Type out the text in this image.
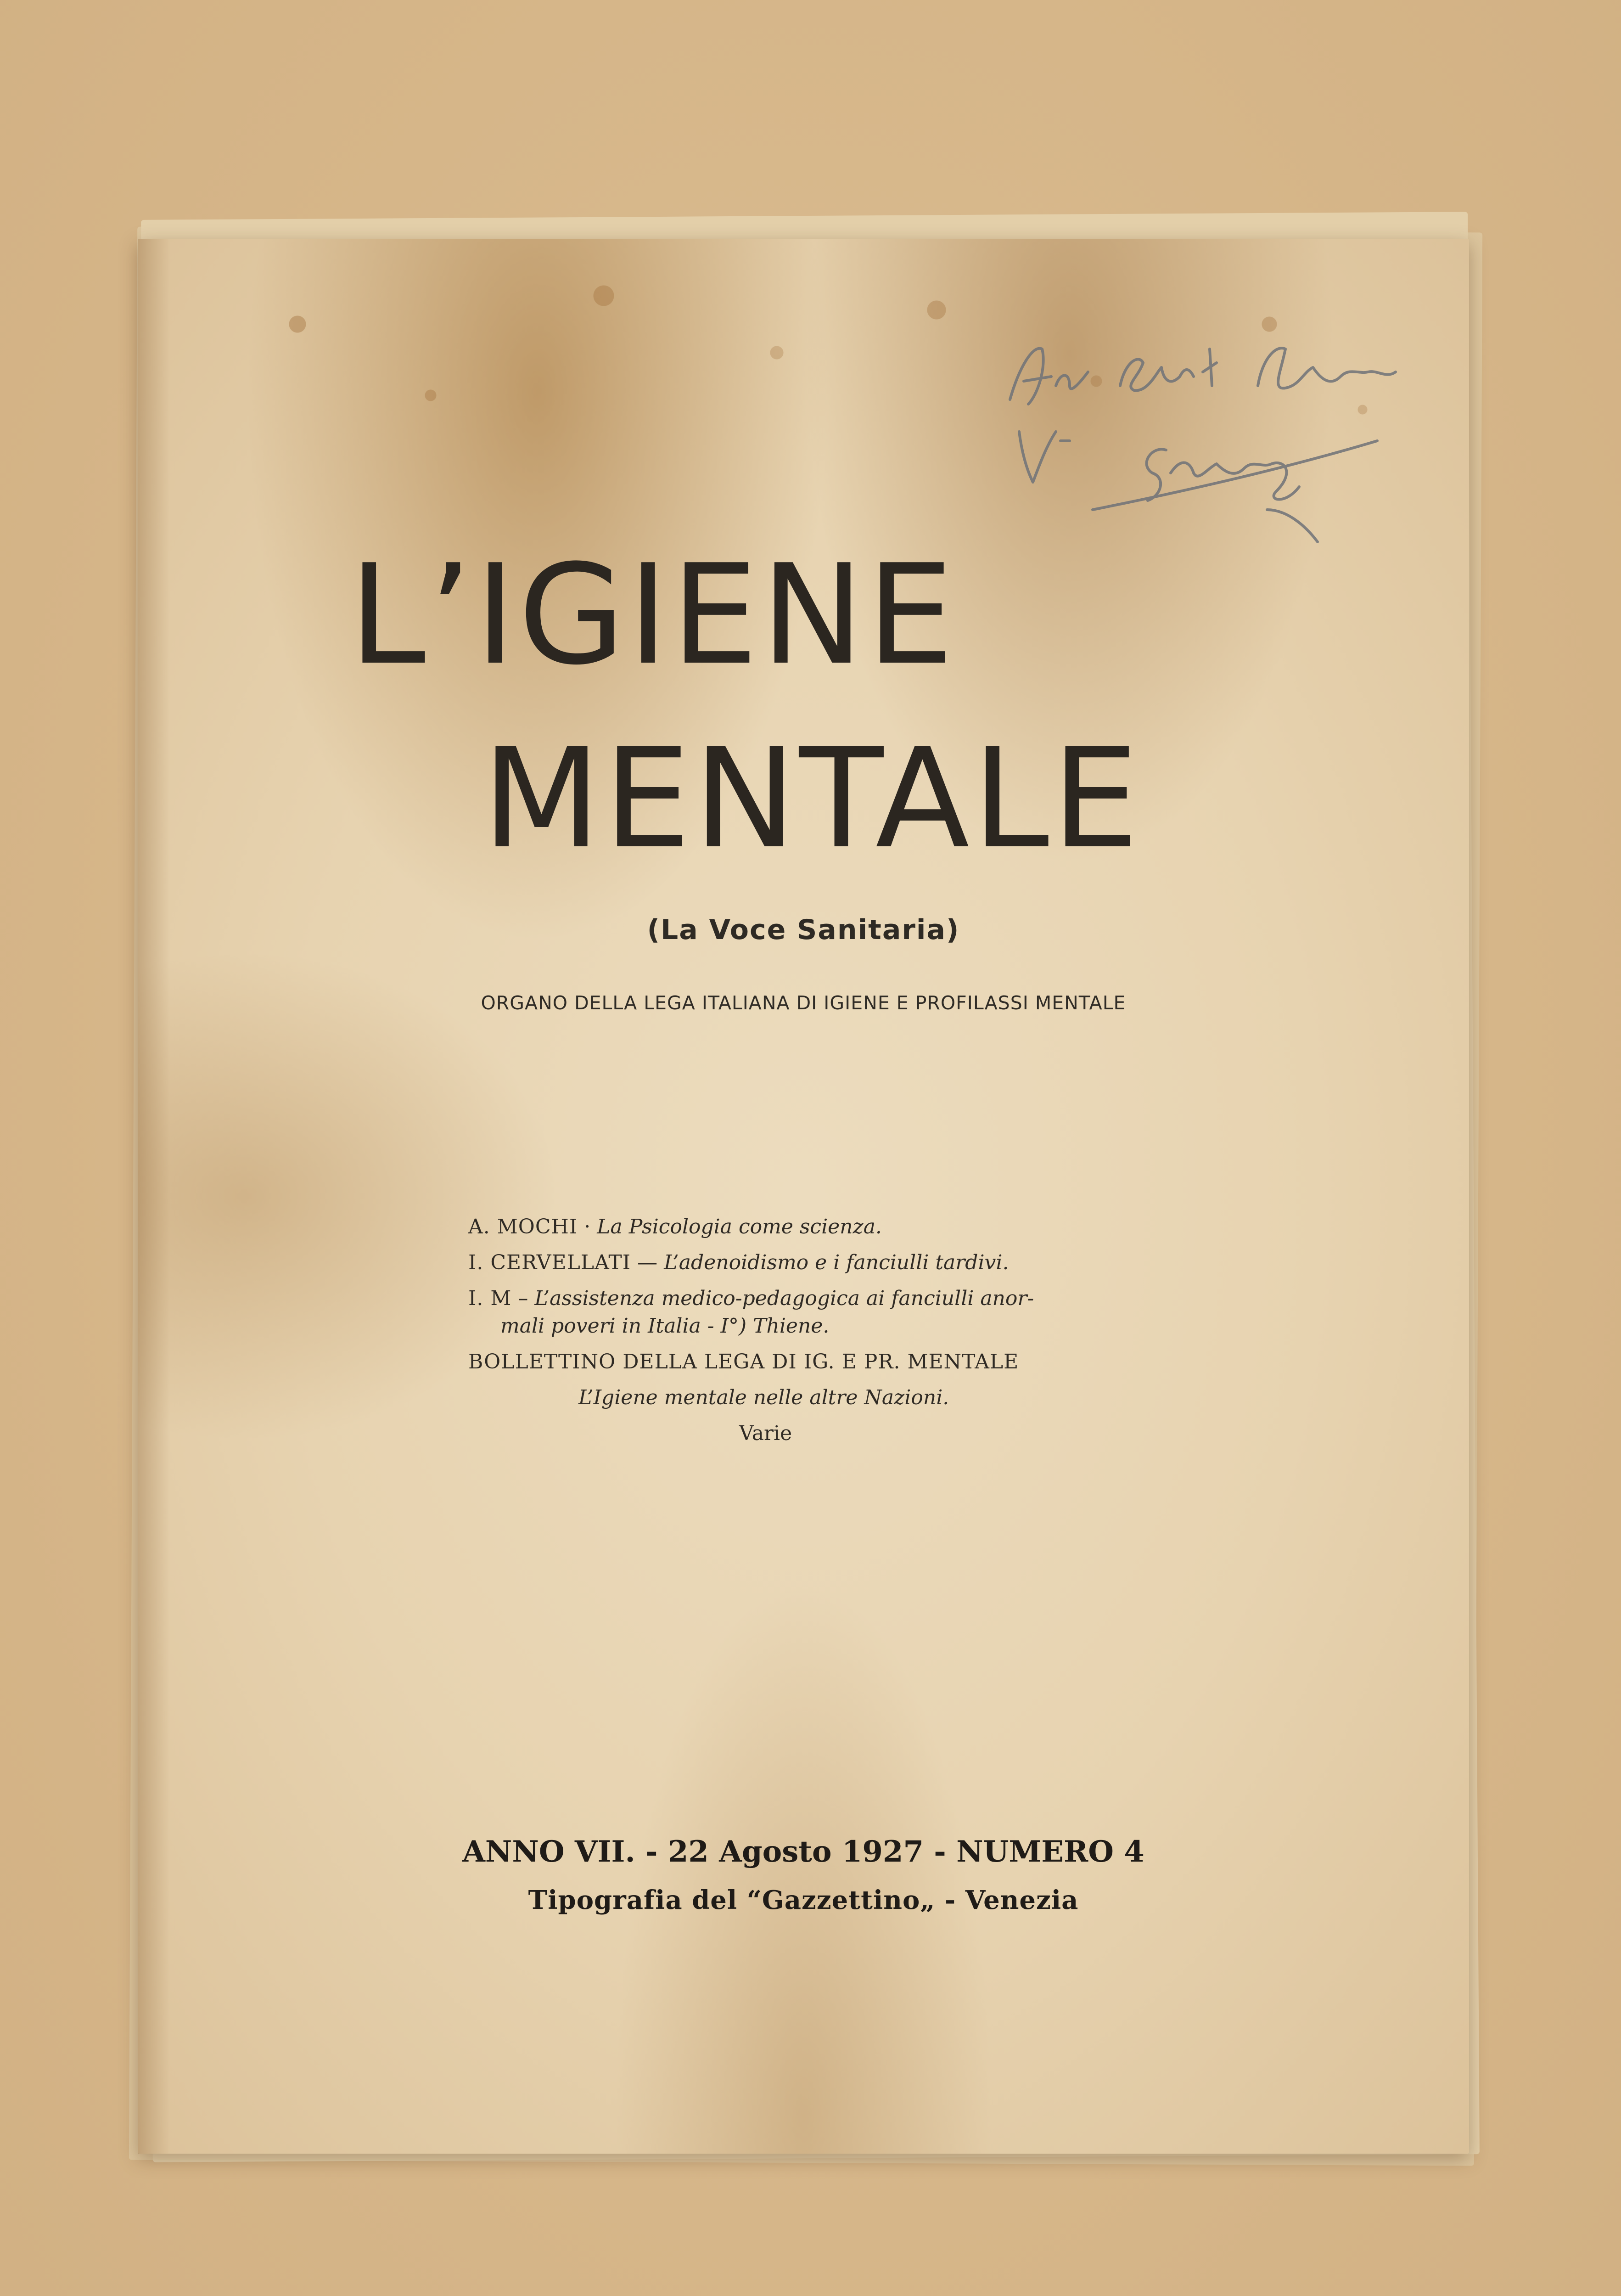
L’IGIENE
MENTALE
(La Voce Sanitaria)
ORGANO DELLA LEGA ITALIANA DI IGIENE E PROFILASSI MENTALE
A. MOCHI · La Psicologia come scienza.
I. CERVELLATI — L’adenoidismo e i fanciulli tardivi.
I. M – L’assistenza medico-pedagogica ai fanciulli anor-
mali poveri in Italia - I°) Thiene.
BOLLETTINO DELLA LEGA DI IG. E PR. MENTALE
L’Igiene mentale nelle altre Nazioni.
Varie
ANNO VII. - 22 Agosto 1927 - NUMERO 4
Tipografia del “Gazzettino„ - Venezia
